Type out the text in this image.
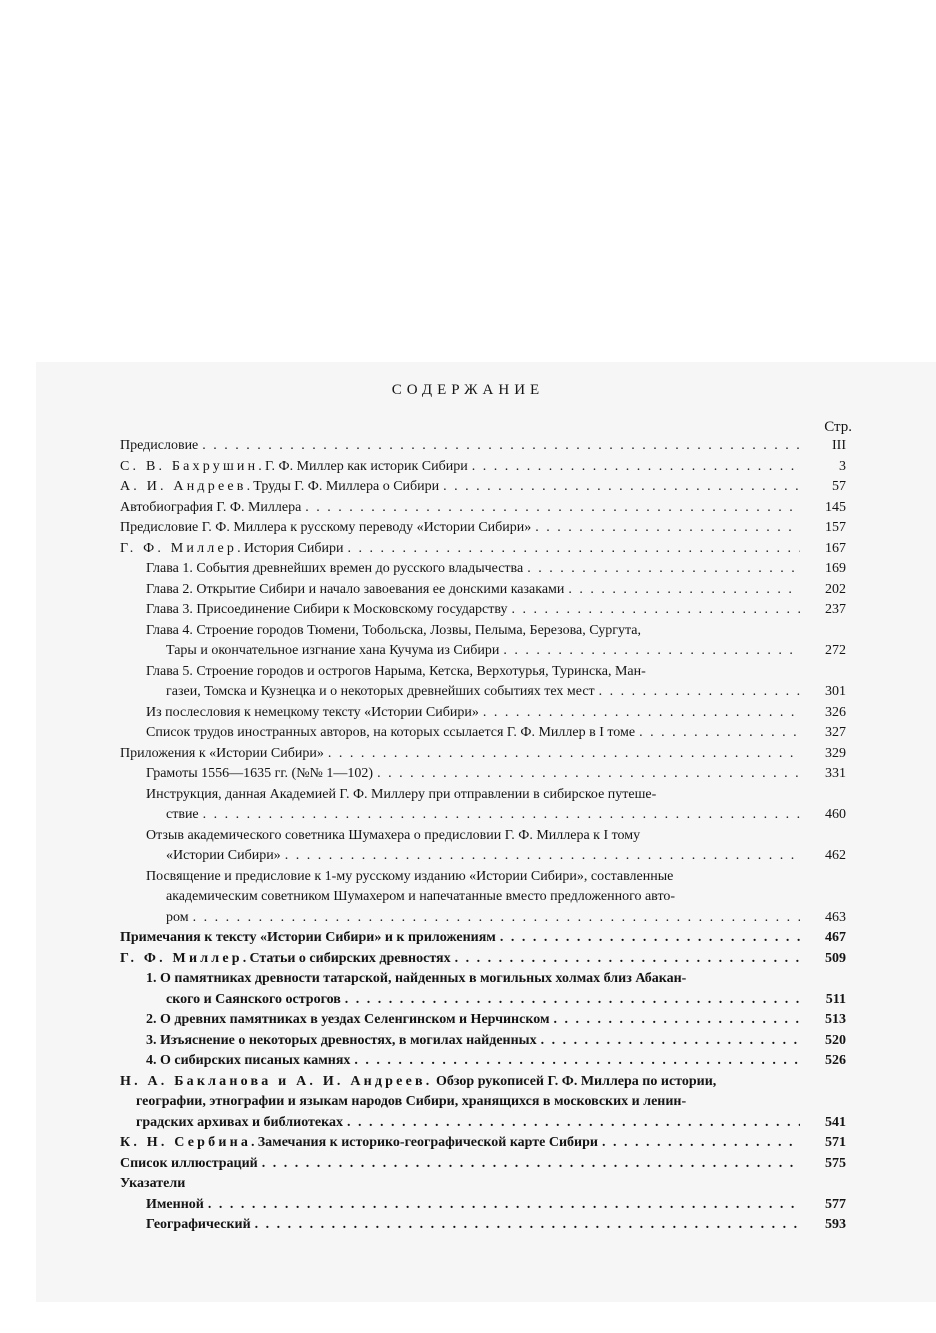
СОДЕРЖАНИЕ
Стр.
Предисловие . . .	III
С. В. Бахрушин. Г. Ф. Миллер как историк Сибири . . .	3
А. И. Андреев. Труды Г. Ф. Миллера о Сибири . . .	57
Автобиография Г. Ф. Миллера . . .	145
Предисловие Г. Ф. Миллера к русскому переводу «Истории Сибири» . . .	157
Г. Ф. Миллер. История Сибири . . .	167
Глава 1. События древнейших времен до русского владычества . . .	169
Глава 2. Открытие Сибири и начало завоевания ее донскими казаками . . .	202
Глава 3. Присоединение Сибири к Московскому государству . . .	237
Глава 4. Строение городов Тюмени, Тобольска, Лозвы, Пелыма, Березова, Сургута,
Тары и окончательное изгнание хана Кучума из Сибири . . .	272
Глава 5. Строение городов и острогов Нарыма, Кетска, Верхотурья, Туринска, Ман-
газеи, Томска и Кузнецка и о некоторых древнейших событиях тех мест . . .	301
Из послесловия к немецкому тексту «Истории Сибири» . . .	326
Список трудов иностранных авторов, на которых ссылается Г. Ф. Миллер в I томе . . .	327
Приложения к «Истории Сибири» . . .	329
Грамоты 1556—1635 гг. (№№ 1—102) . . .	331
Инструкция, данная Академией Г. Ф. Миллеру при отправлении в сибирское путеше-
ствие . . .	460
Отзыв академического советника Шумахера о предисловии Г. Ф. Миллера к I тому
«Истории Сибири» . . .	462
Посвящение и предисловие к 1-му русскому изданию «Истории Сибири», составленные
академическим советником Шумахером и напечатанные вместо предложенного авто-
ром . . .	463
Примечания к тексту «Истории Сибири» и к приложениям . . .	467
Г. Ф. Миллер. Статьи о сибирских древностях . . .	509
1. О памятниках древности татарской, найденных в могильных холмах близ Абакан-
ского и Саянского острогов . . .	511
2. О древних памятниках в уездах Селенгинском и Нерчинском . . .	513
3. Изъяснение о некоторых древностях, в могилах найденных . . .	520
4. О сибирских писаных камнях . . .	526
Н. А. Бакланова и А. И. Андреев. Обзор рукописей Г. Ф. Миллера по истории,
географии, этнографии и языкам народов Сибири, хранящихся в московских и ленин-
градских архивах и библиотеках . . .	541
К. Н. Сербина. Замечания к историко-географической карте Сибири . . .	571
Список иллюстраций . . .	575
Указатели
Именной . . .	577
Географический . . .	593
